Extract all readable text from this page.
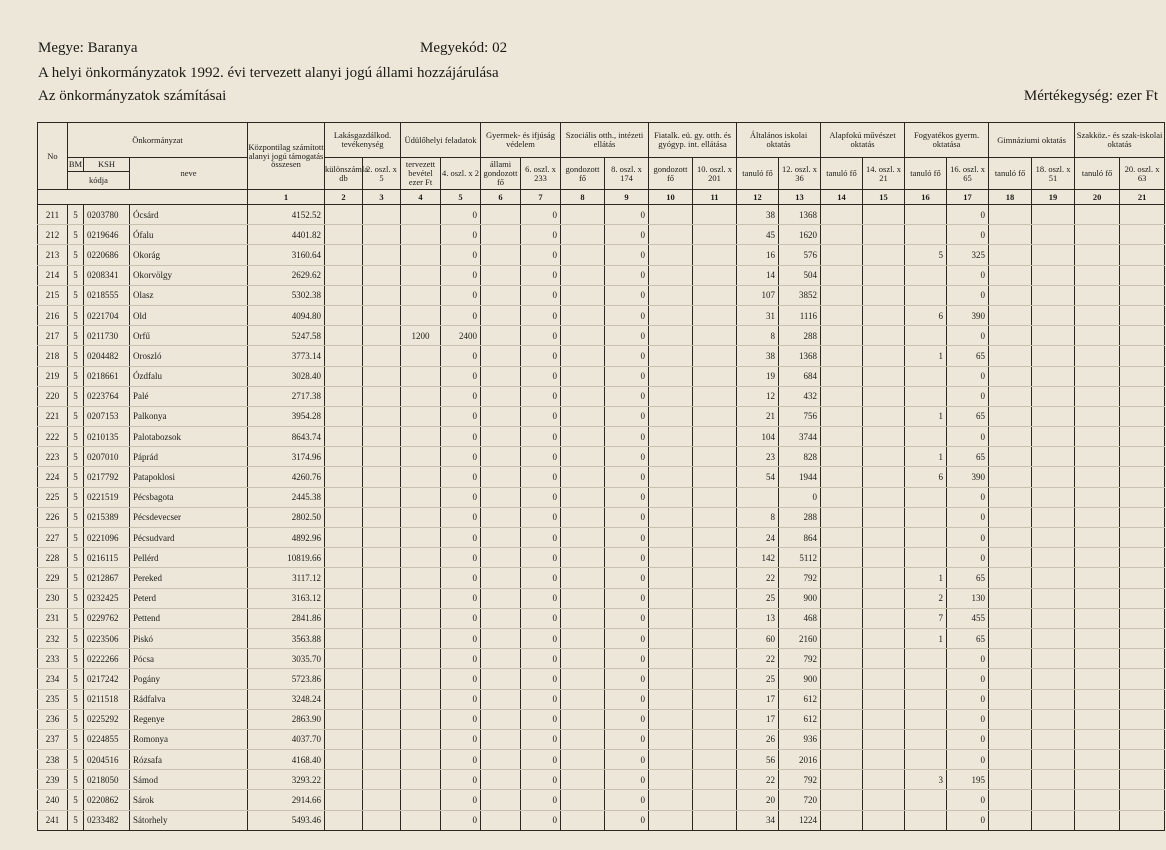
Megye: Baranya	Megyekód: 02
A helyi önkormányzatok 1992. évi tervezett alanyi jogú állami hozzájárulása
Az önkormányzatok számításai	Mértékegység: ezer Ft
No	Önkormányzat			Központilag számított alanyi jogú támogatás összesen	Lakásgazdálkod. tevékenység		Üdülőhelyi feladatok		Gyermek- és ifjúság védelem		Szociális otth., intézeti ellátás		Fiatalk. eü. gy. otth. és gyógyp. int. ellátása		Általános iskolai oktatás		Alapfokú művészet oktatás		Fogyatékos gyerm. oktatása		Gimnáziumi oktatás		Szakköz.- és szak-iskolai oktatás	
	BM	KSH	neve		különszámla db	2. oszl. x 5	tervezett bevétel ezer Ft	4. oszl. x 2	állami gondozott fő	6. oszl. x 233	gondozott fő	8. oszl. x 174	gondozott fő	10. oszl. x 201	tanuló fő	12. oszl. x 36	tanuló fő	14. oszl. x 21	tanuló fő	16. oszl. x 65	tanuló fő	18. oszl. x 51	tanuló fő	20. oszl. x 63
	kódja																							
				1	2	3	4	5	6	7	8	9	10	11	12	13	14	15	16	17	18	19	20	21
211	5	0203780	Ócsárd	4152.52				0		0		0			38	1368				0				
212	5	0219646	Ófalu	4401.82				0		0		0			45	1620				0				
213	5	0220686	Okorág	3160.64				0		0		0			16	576			5	325				
214	5	0208341	Okorvölgy	2629.62				0		0		0			14	504				0				
215	5	0218555	Olasz	5302.38				0		0		0			107	3852				0				
216	5	0221704	Old	4094.80				0		0		0			31	1116			6	390				
217	5	0211730	Orfű	5247.58			1200	2400		0		0			8	288				0				
218	5	0204482	Oroszló	3773.14				0		0		0			38	1368			1	65				
219	5	0218661	Ózdfalu	3028.40				0		0		0			19	684				0				
220	5	0223764	Palé	2717.38				0		0		0			12	432				0				
221	5	0207153	Palkonya	3954.28				0		0		0			21	756			1	65				
222	5	0210135	Palotabozsok	8643.74				0		0		0			104	3744				0				
223	5	0207010	Páprád	3174.96				0		0		0			23	828			1	65				
224	5	0217792	Patapoklosi	4260.76				0		0		0			54	1944			6	390				
225	5	0221519	Pécsbagota	2445.38				0		0		0				0				0				
226	5	0215389	Pécsdevecser	2802.50				0		0		0			8	288				0				
227	5	0221096	Pécsudvard	4892.96				0		0		0			24	864				0				
228	5	0216115	Pellérd	10819.66				0		0		0			142	5112				0				
229	5	0212867	Pereked	3117.12				0		0		0			22	792			1	65				
230	5	0232425	Peterd	3163.12				0		0		0			25	900			2	130				
231	5	0229762	Pettend	2841.86				0		0		0			13	468			7	455				
232	5	0223506	Piskó	3563.88				0		0		0			60	2160			1	65				
233	5	0222266	Pócsa	3035.70				0		0		0			22	792				0				
234	5	0217242	Pogány	5723.86				0		0		0			25	900				0				
235	5	0211518	Rádfalva	3248.24				0		0		0			17	612				0				
236	5	0225292	Regenye	2863.90				0		0		0			17	612				0				
237	5	0224855	Romonya	4037.70				0		0		0			26	936				0				
238	5	0204516	Rózsafa	4168.40				0		0		0			56	2016				0				
239	5	0218050	Sámod	3293.22				0		0		0			22	792			3	195				
240	5	0220862	Sárok	2914.66				0		0		0			20	720				0				
241	5	0233482	Sátorhely	5493.46				0		0		0			34	1224				0				
